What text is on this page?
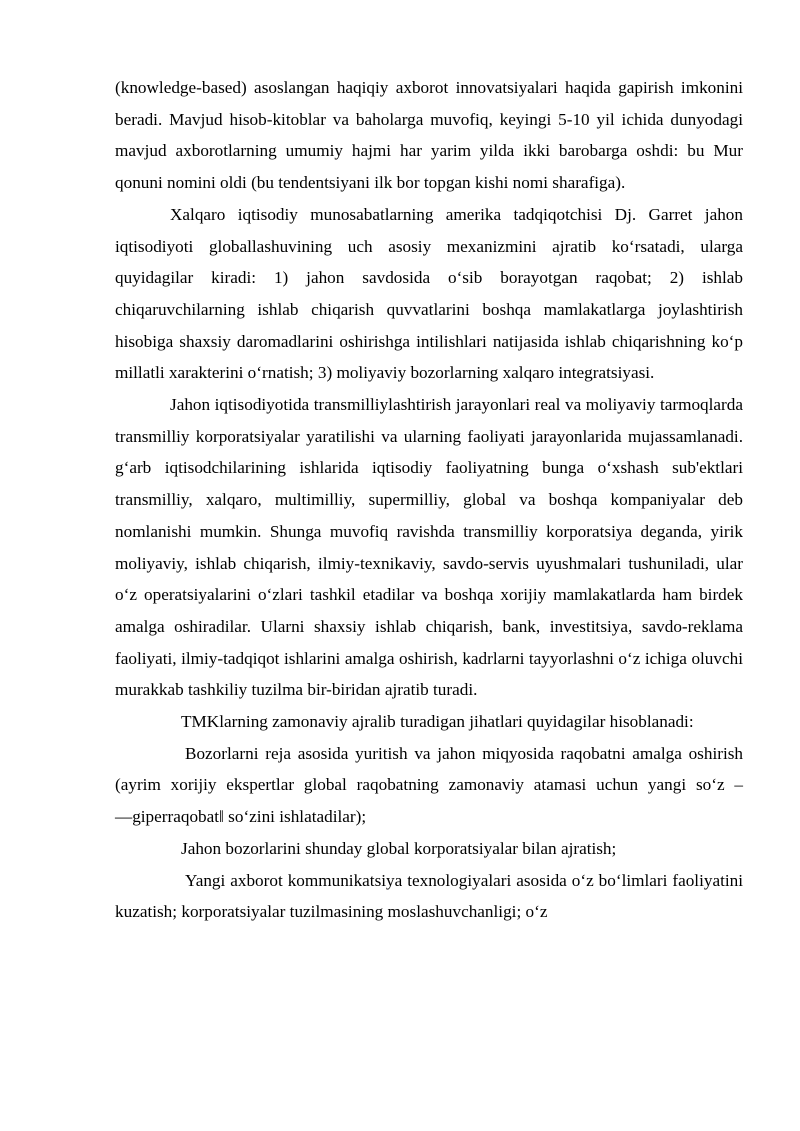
(knowledge-based) asoslangan haqiqiy axborot innovatsiyalari haqida gapirish imkonini beradi. Mavjud hisob-kitoblar va baholarga muvofiq, keyingi 5-10 yil ichida dunyodagi mavjud axborotlarning umumiy hajmi har yarim yilda ikki barobarga oshdi: bu Mur qonuni nomini oldi (bu tendentsiyani ilk bor topgan kishi nomi sharafiga).

Xalqaro iqtisodiy munosabatlarning amerika tadqiqotchisi Dj. Garret jahon iqtisodiyoti globallashuvining uch asosiy mexanizmini ajratib ko‘rsatadi, ularga quyidagilar kiradi: 1) jahon savdosida o‘sib borayotgan raqobat; 2) ishlab chiqaruvchilarning ishlab chiqarish quvvatlarini boshqa mamlakatlarga joylashtirish hisobiga shaxsiy daromadlarini oshirishga intilishlari natijasida ishlab chiqarishning ko‘p millatli xarakterini o‘rnatish; 3) moliyaviy bozorlarning xalqaro integratsiyasi.

Jahon iqtisodiyotida transmilliylashtirish jarayonlari real va moliyaviy tarmoqlarda transmilliy korporatsiyalar yaratilishi va ularning faoliyati jarayonlarida mujassamlanadi. g‘arb iqtisodchilarining ishlarida iqtisodiy faoliyatning bunga o‘xshash sub'ektlari transmilliy, xalqaro, multimilliy, supermilliy, global va boshqa kompaniyalar deb nomlanishi mumkin. Shunga muvofiq ravishda transmilliy korporatsiya deganda, yirik moliyaviy, ishlab chiqarish, ilmiy-texnikaviy, savdo-servis uyushmalari tushuniladi, ular o‘z operatsiyalarini o‘zlari tashkil etadilar va boshqa xorijiy mamlakatlarda ham birdek amalga oshiradilar. Ularni shaxsiy ishlab chiqarish, bank, investitsiya, savdo-reklama faoliyati, ilmiy-tadqiqot ishlarini amalga oshirish, kadrlarni tayyorlashni o‘z ichiga oluvchi murakkab tashkiliy tuzilma bir-biridan ajratib turadi.

TMKlarning zamonaviy ajralib turadigan jihatlari quyidagilar hisoblanadi:

Bozorlarni reja asosida yuritish va jahon miqyosida raqobatni amalga oshirish (ayrim xorijiy ekspertlar global raqobatning zamonaviy atamasi uchun yangi so‘z – ―giperraqobat‖ so‘zini ishlatadilar);

Jahon bozorlarini shunday global korporatsiyalar bilan ajratish;

Yangi axborot kommunikatsiya texnologiyalari asosida o‘z bo‘limlari faoliyatini kuzatish; korporatsiyalar tuzilmasining moslashuvchanligi; o‘z
